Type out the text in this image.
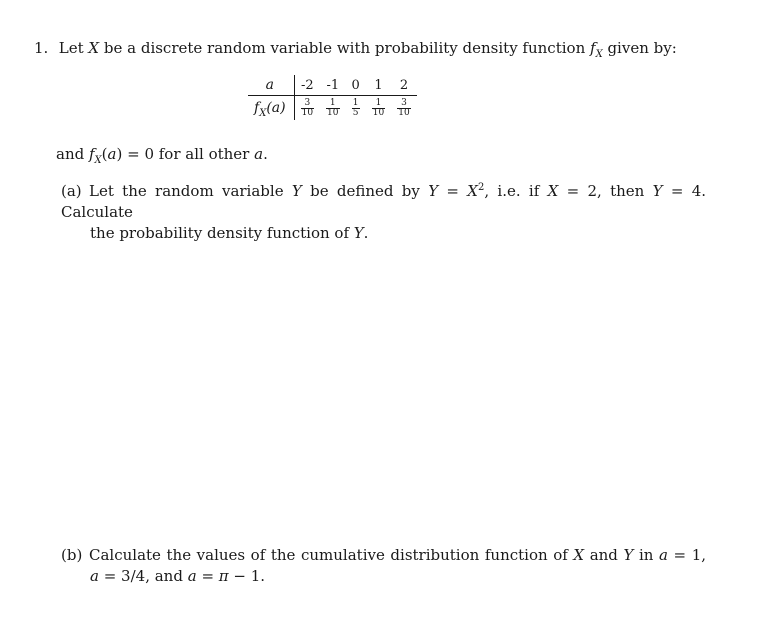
1. Let X be a discrete random variable with probability density function $f_X$ given by:
a	-2	-1	0	1	2
$f_X(a)$	$\frac{3}{10}$	$\frac{1}{10}$	$\frac{1}{5}$	$\frac{1}{10}$	$\frac{3}{10}$
and $f_X(a) = 0$ for all other a.
(a) Let the random variable Y be defined by $Y = X^2$, i.e. if X = 2, then Y = 4. Calculate
the probability density function of Y.
(b) Calculate the values of the cumulative distribution function of X and Y in a = 1,
a = 3/4, and a = π − 1.
